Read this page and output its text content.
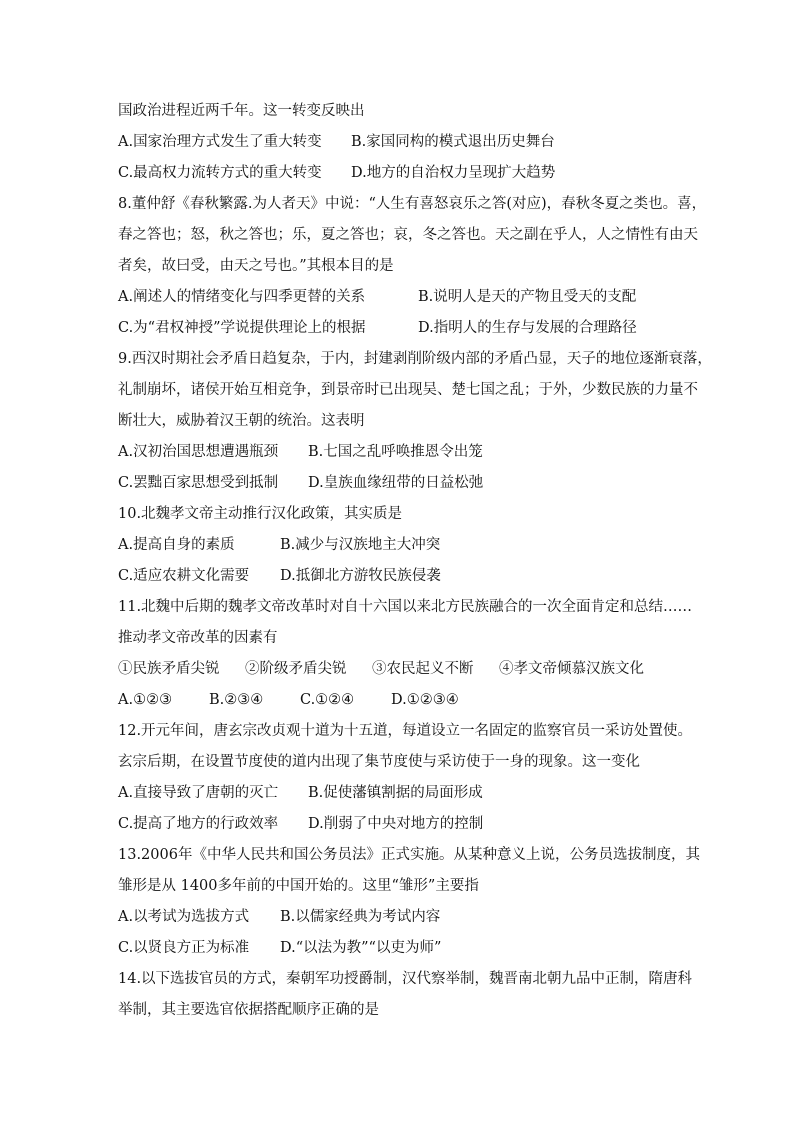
国政治进程近两千年。这一转变反映出
A.国家治理方式发生了重大转变	B.家国同构的模式退出历史舞台
C.最高权力流转方式的重大转变	D.地方的自治权力呈现扩大趋势
8.董仲舒《春秋繁露.为人者天》中说：“人生有喜怒哀乐之答(对应)，春秋冬夏之类也。喜，
春之答也；怒，秋之答也；乐，夏之答也；哀，冬之答也。天之副在乎人，人之情性有由天
者矣，故曰受，由天之号也。”其根本目的是
A.阐述人的情绪变化与四季更替的关系	B.说明人是天的产物且受天的支配
C.为“君权神授”学说提供理论上的根据	D.指明人的生存与发展的合理路径
9.西汉时期社会矛盾日趋复杂，于内，封建剥削阶级内部的矛盾凸显，天子的地位逐渐衰落，
礼制崩坏，诸侯开始互相竞争，到景帝时已出现吴、楚七国之乱；于外，少数民族的力量不
断壮大，威胁着汉王朝的统治。这表明
A.汉初治国思想遭遇瓶颈	B.七国之乱呼唤推恩令出笼
C.罢黜百家思想受到抵制	D.皇族血缘纽带的日益松弛
10.北魏孝文帝主动推行汉化政策，其实质是
A.提高自身的素质	B.减少与汉族地主大冲突
C.适应农耕文化需要	D.抵御北方游牧民族侵袭
11.北魏中后期的魏孝文帝改革时对自十六国以来北方民族融合的一次全面肯定和总结……
推动孝文帝改革的因素有
①民族矛盾尖锐	②阶级矛盾尖锐	③农民起义不断	④孝文帝倾慕汉族文化
A.①②③	B.②③④	C.①②④	D.①②③④
12.开元年间，唐玄宗改贞观十道为十五道，每道设立一名固定的监察官员一采访处置使。
玄宗后期，在设置节度使的道内出现了集节度使与采访使于一身的现象。这一变化
A.直接导致了唐朝的灭亡	B.促使藩镇割据的局面形成
C.提高了地方的行政效率	D.削弱了中央对地方的控制
13.2006年《中华人民共和国公务员法》正式实施。从某种意义上说，公务员选拔制度，其
雏形是从 1400多年前的中国开始的。这里“雏形”主要指
A.以考试为选拔方式	B.以儒家经典为考试内容
C.以贤良方正为标准	D.“以法为教”“以吏为师”
14.以下选拔官员的方式，秦朝军功授爵制，汉代察举制，魏晋南北朝九品中正制，隋唐科
举制，其主要选官依据搭配顺序正确的是
